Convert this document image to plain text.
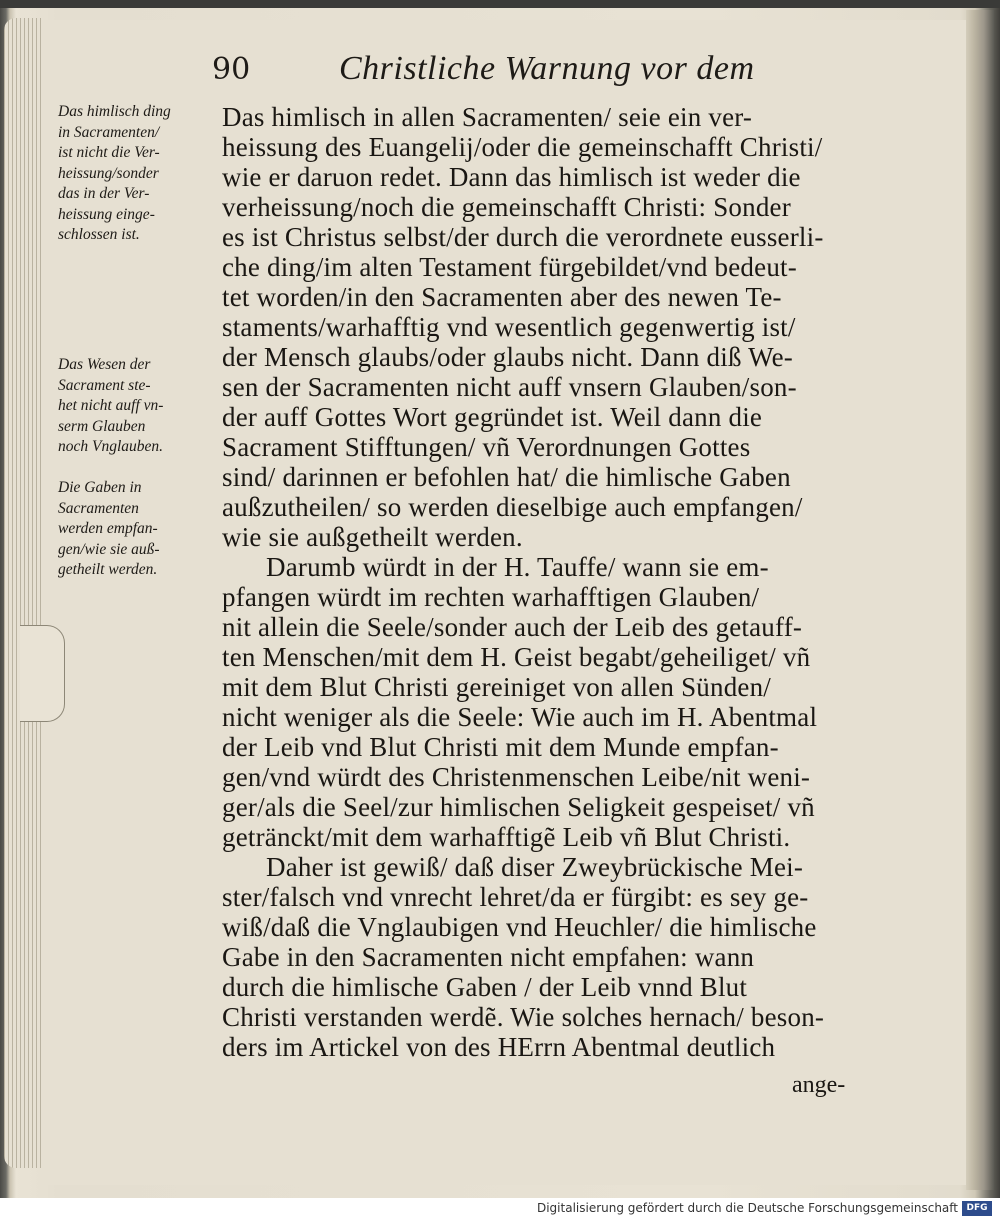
90	Christliche Warnung vor dem
Das himlisch ding
in Sacramenten/
ist nicht die Ver-
heissung/sonder
das in der Ver-
heissung einge-
schlossen ist.
Das Wesen der
Sacrament ste-
het nicht auff vn-
serm Glauben
noch Vnglauben.
Die Gaben in
Sacramenten
werden empfan-
gen/wie sie auß-
getheilt werden.
Das himlisch in allen Sacramenten/ seie ein ver-
heissung des Euangelij/oder die gemeinschafft Christi/
wie er daruon redet. Dann das himlisch ist weder die
verheissung/noch die gemeinschafft Christi: Sonder
es ist Christus selbst/der durch die verordnete eusserli-
che ding/im alten Testament fürgebildet/vnd bedeut-
tet worden/in den Sacramenten aber des newen Te-
staments/warhafftig vnd wesentlich gegenwertig ist/
der Mensch glaubs/oder glaubs nicht. Dann diß We-
sen der Sacramenten nicht auff vnsern Glauben/son-
der auff Gottes Wort gegründet ist. Weil dann die
Sacrament Stifftungen/ vñ Verordnungen Gottes
sind/ darinnen er befohlen hat/ die himlische Gaben
außzutheilen/ so werden dieselbige auch empfangen/
wie sie außgetheilt werden.
Darumb würdt in der H. Tauffe/ wann sie em-
pfangen würdt im rechten warhafftigen Glauben/
nit allein die Seele/sonder auch der Leib des getauff-
ten Menschen/mit dem H. Geist begabt/geheiliget/ vñ
mit dem Blut Christi gereiniget von allen Sünden/
nicht weniger als die Seele: Wie auch im H. Abentmal
der Leib vnd Blut Christi mit dem Munde empfan-
gen/vnd würdt des Christenmenschen Leibe/nit weni-
ger/als die Seel/zur himlischen Seligkeit gespeiset/ vñ
getränckt/mit dem warhafftigẽ Leib vñ Blut Christi.
Daher ist gewiß/ daß diser Zweybrückische Mei-
ster/falsch vnd vnrecht lehret/da er fürgibt: es sey ge-
wiß/daß die Vnglaubigen vnd Heuchler/ die himlische
Gabe in den Sacramenten nicht empfahen: wann
durch die himlische Gaben / der Leib vnnd Blut
Christi verstanden werdẽ. Wie solches hernach/ beson-
ders im Artickel von des HErrn Abentmal deutlich
ange-
Digitalisierung gefördert durch die Deutsche Forschungsgemeinschaft DFG
